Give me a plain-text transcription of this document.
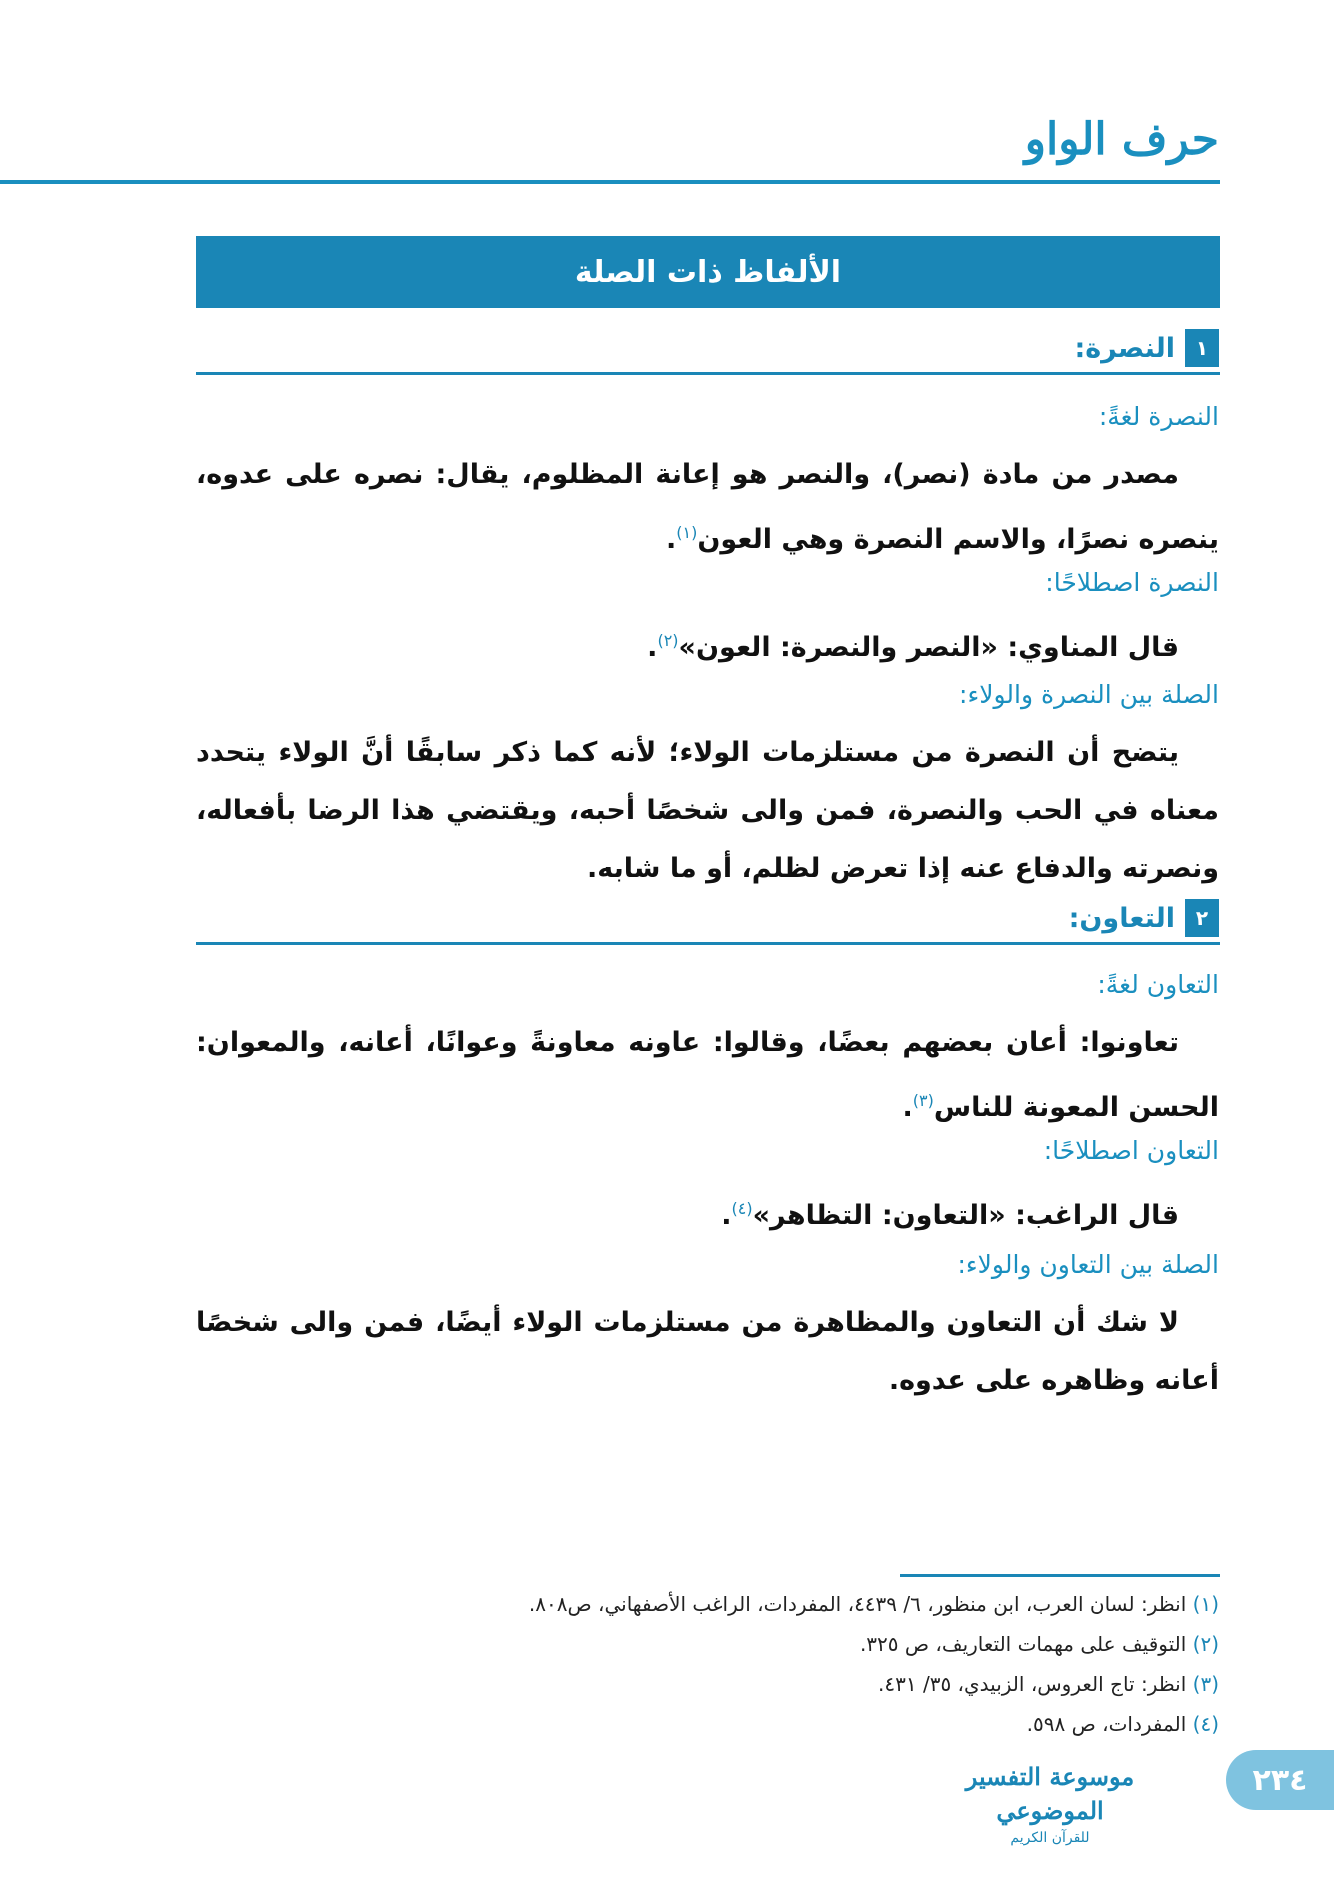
حرف الواو
الألفاظ ذات الصلة
١
النصرة:
النصرة لغةً:
مصدر من مادة (نصر)، والنصر هو إعانة المظلوم، يقال: نصره على عدوه، ينصره نصرًا، والاسم النصرة وهي العون$^{(١)}$.
النصرة اصطلاحًا:
قال المناوي: «النصر والنصرة: العون»$^{(٢)}$.
الصلة بين النصرة والولاء:
يتضح أن النصرة من مستلزمات الولاء؛ لأنه كما ذكر سابقًا أنَّ الولاء يتحدد معناه في الحب والنصرة، فمن والى شخصًا أحبه، ويقتضي هذا الرضا بأفعاله، ونصرته والدفاع عنه إذا تعرض لظلم، أو ما شابه.
٢
التعاون:
التعاون لغةً:
تعاونوا: أعان بعضهم بعضًا، وقالوا: عاونه معاونةً وعوانًا، أعانه، والمعوان: الحسن المعونة للناس$^{(٣)}$.
التعاون اصطلاحًا:
قال الراغب: «التعاون: التظاهر»$^{(٤)}$.
الصلة بين التعاون والولاء:
لا شك أن التعاون والمظاهرة من مستلزمات الولاء أيضًا، فمن والى شخصًا أعانه وظاهره على عدوه.
(١) انظر: لسان العرب، ابن منظور، ٦/ ٤٤٣٩، المفردات، الراغب الأصفهاني، ص٨٠٨.
(٢) التوقيف على مهمات التعاريف، ص ٣٢٥.
(٣) انظر: تاج العروس، الزبيدي، ٣٥/ ٤٣١.
(٤) المفردات، ص ٥٩٨.
٢٣٤
موسوعة التفسير الموضوعي
للقرآن الكريم
